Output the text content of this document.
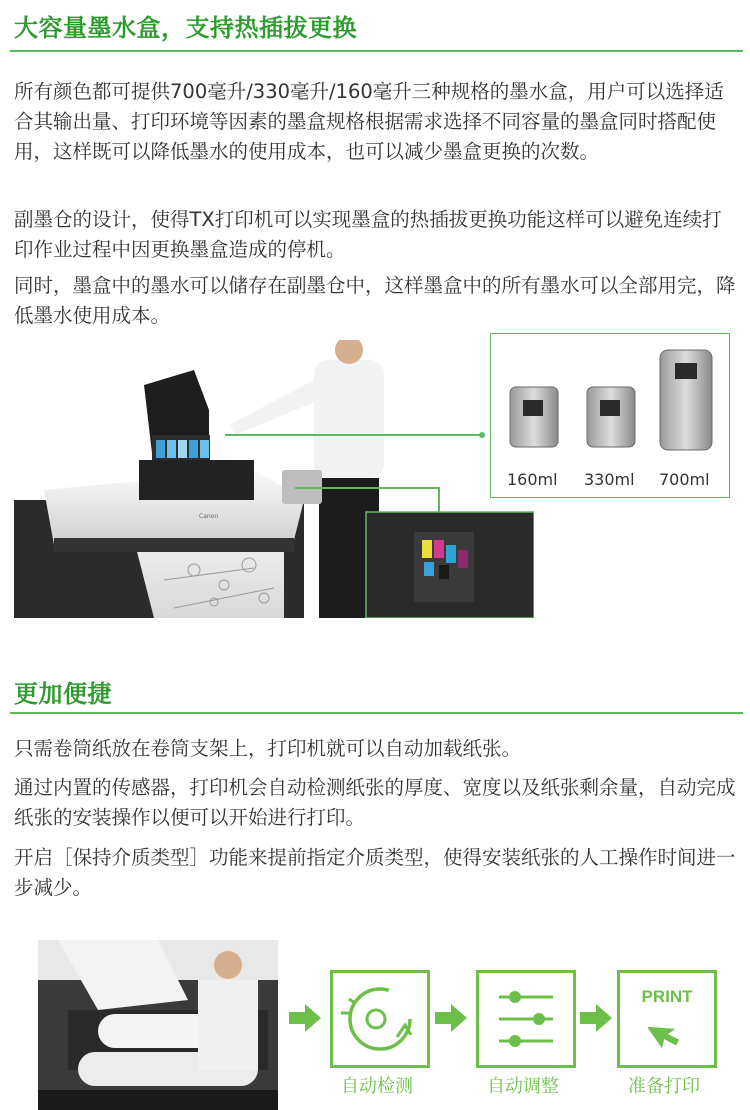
大容量墨水盒，支持热插拔更换
所有颜色都可提供700毫升/330毫升/160毫升三种规格的墨水盒，用户可以选择适合其输出量、打印环境等因素的墨盒规格根据需求选择不同容量的墨盒同时搭配使用，这样既可以降低墨水的使用成本，也可以减少墨盒更换的次数。
副墨仓的设计，使得TX打印机可以实现墨盒的热插拔更换功能这样可以避免连续打印作业过程中因更换墨盒造成的停机。
同时，墨盒中的墨水可以储存在副墨仓中，这样墨盒中的所有墨水可以全部用完，降低墨水使用成本。
Canon
160ml 330ml 700ml
更加便捷
只需卷筒纸放在卷筒支架上，打印机就可以自动加载纸张。
通过内置的传感器，打印机会自动检测纸张的厚度、宽度以及纸张剩余量，自动完成纸张的安装操作以便可以开始进行打印。
开启［保持介质类型］功能来提前指定介质类型，使得安装纸张的人工操作时间进一步减少。
自动检测	自动调整
PRINT
准备打印
